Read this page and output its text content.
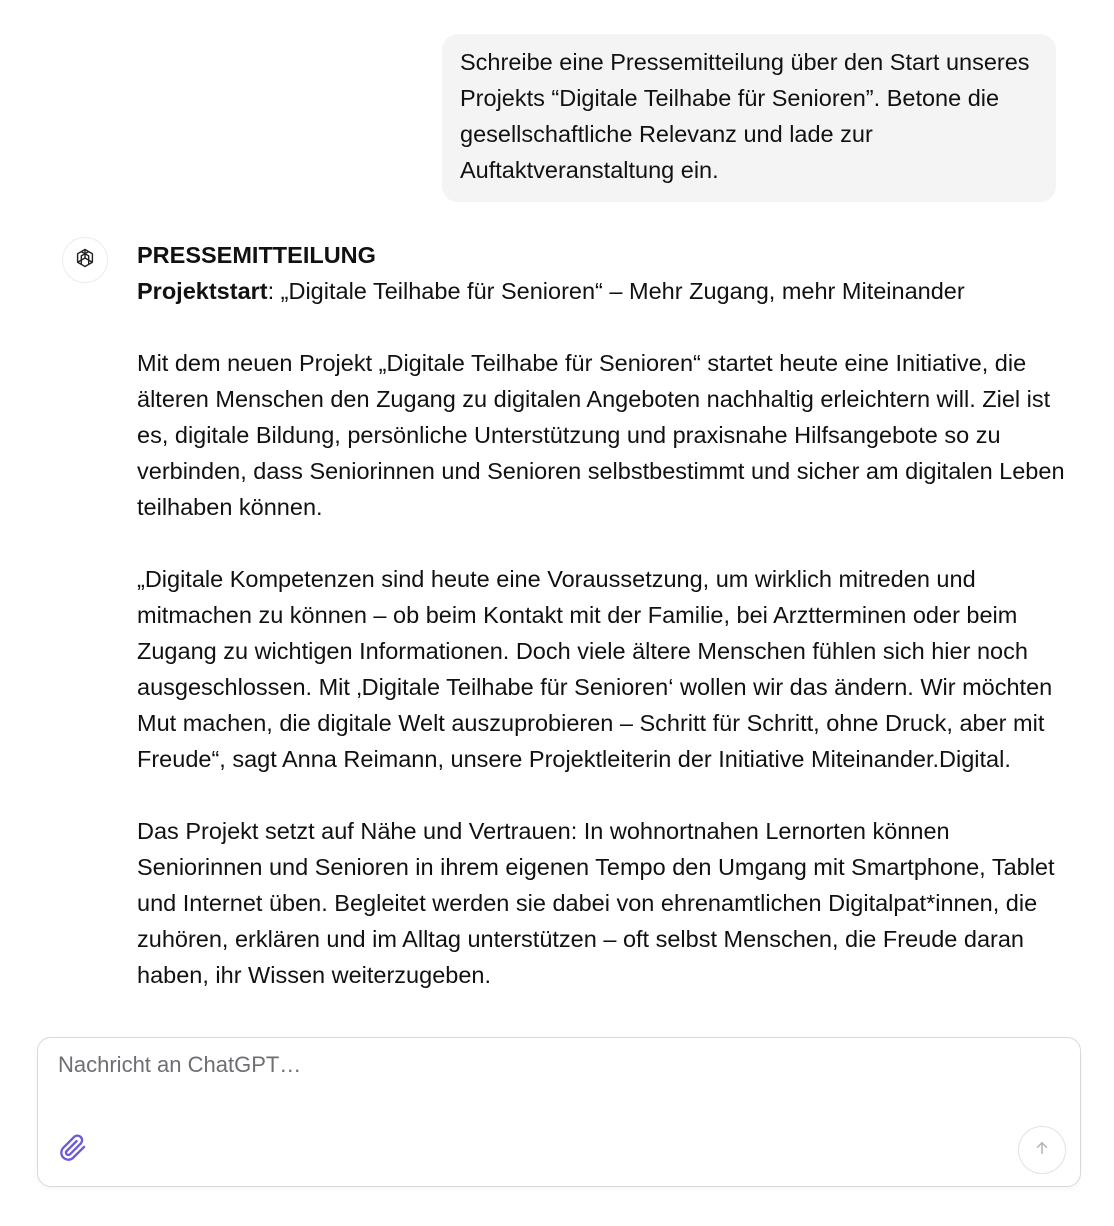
Schreibe eine Pressemitteilung über den Start unseres Projekts “Digitale Teilhabe für Senioren”. Betone die gesellschaftliche Relevanz und lade zur Auftaktveranstaltung ein.
PRESSEMITTEILUNG

Projektstart: „Digitale Teilhabe für Senioren“ – Mehr Zugang, mehr Miteinander

Mit dem neuen Projekt „Digitale Teilhabe für Senioren“ startet heute eine Initiative, die älteren Menschen den Zugang zu digitalen Angeboten nachhaltig erleichtern will. Ziel ist es, digitale Bildung, persönliche Unterstützung und praxisnahe Hilfsangebote so zu verbinden, dass Seniorinnen und Senioren selbstbestimmt und sicher am digitalen Leben teilhaben können.

„Digitale Kompetenzen sind heute eine Voraussetzung, um wirklich mitreden und mitmachen zu können – ob beim Kontakt mit der Familie, bei Arztterminen oder beim Zugang zu wichtigen Informationen. Doch viele ältere Menschen fühlen sich hier noch ausgeschlossen. Mit ‚Digitale Teilhabe für Senioren‘ wollen wir das ändern. Wir möchten Mut machen, die digitale Welt auszuprobieren – Schritt für Schritt, ohne Druck, aber mit Freude“, sagt Anna Reimann, unsere Projektleiterin der Initiative Miteinander.Digital.

Das Projekt setzt auf Nähe und Vertrauen: In wohnortnahen Lernorten können Seniorinnen und Senioren in ihrem eigenen Tempo den Umgang mit Smartphone, Tablet und Internet üben. Begleitet werden sie dabei von ehrenamtlichen Digitalpat*innen, die zuhören, erklären und im Alltag unterstützen – oft selbst Menschen, die Freude daran haben, ihr Wissen weiterzugeben.

Nachricht an ChatGPT…
